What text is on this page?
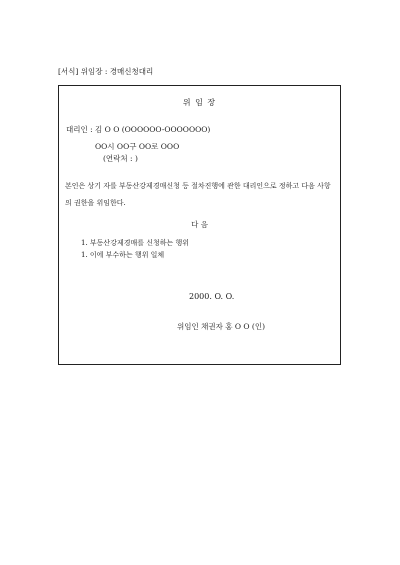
[서식] 위임장 : 경매신청대리
위 임 장
대리인 : 김 O O (OOOOOO-OOOOOOO)
OO시 OO구 OO로 OOO
(연락처 : )
본인은 상기 자를 부동산강제경매신청 등 절차진행에 관한 대리인으로 정하고 다음 사항의 권한을 위임한다.
다 음
1. 부동산강제경매를 신청하는 행위
1. 이에 부수하는 행위 일체
2000. O. O.
위임인 채권자 홍 O O (인)
